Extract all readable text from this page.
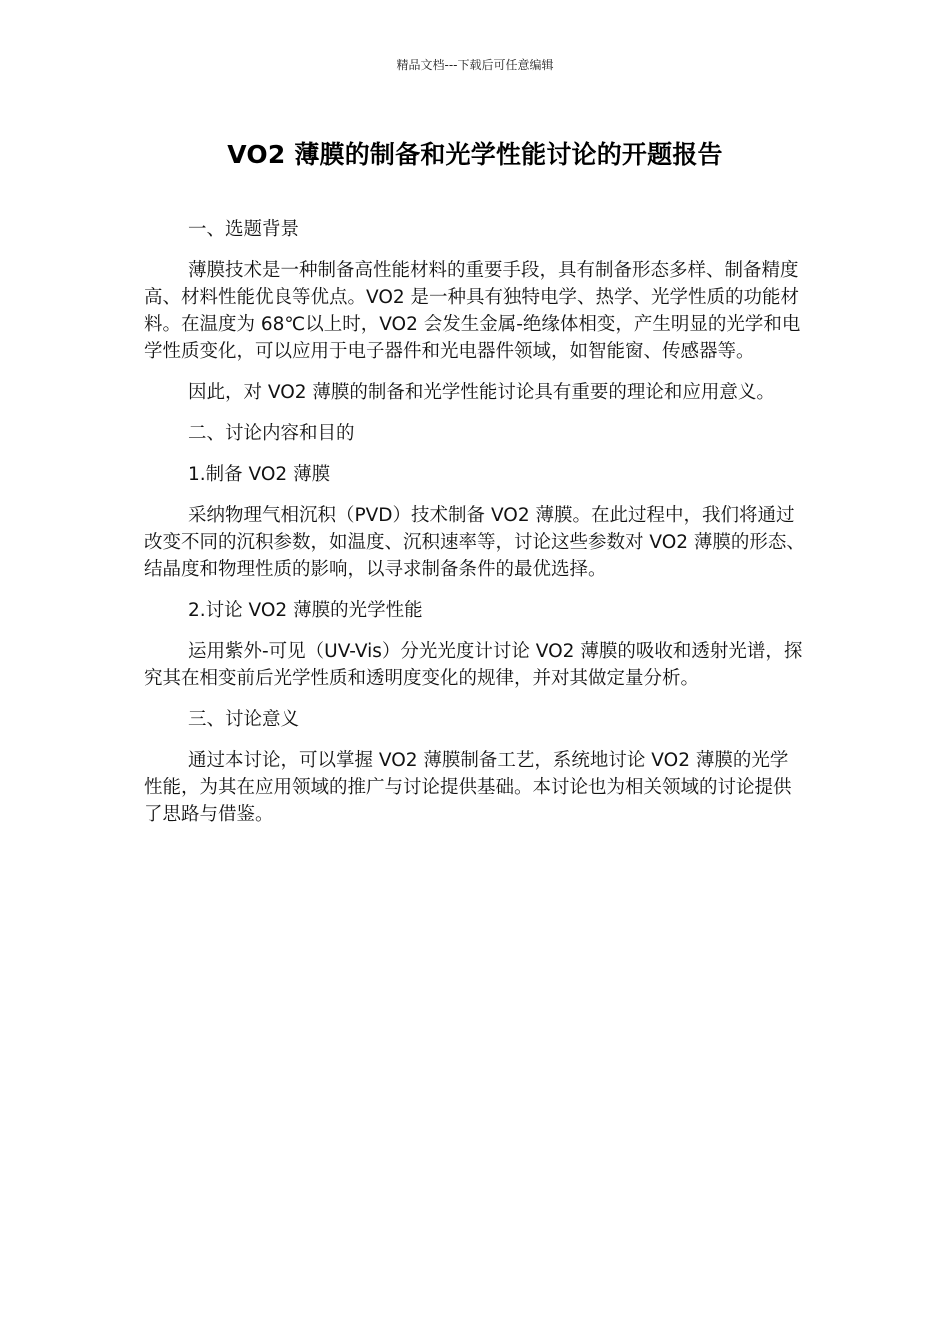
精品文档---下载后可任意编辑
VO2 薄膜的制备和光学性能讨论的开题报告

一、选题背景

薄膜技术是一种制备高性能材料的重要手段，具有制备形态多样、制备精度高、材料性能优良等优点。VO2 是一种具有独特电学、热学、光学性质的功能材料。在温度为 68℃以上时，VO2 会发生金属-绝缘体相变，产生明显的光学和电学性质变化，可以应用于电子器件和光电器件领域，如智能窗、传感器等。

因此，对 VO2 薄膜的制备和光学性能讨论具有重要的理论和应用意义。

二、讨论内容和目的

1.制备 VO2 薄膜

采纳物理气相沉积（PVD）技术制备 VO2 薄膜。在此过程中，我们将通过改变不同的沉积参数，如温度、沉积速率等，讨论这些参数对 VO2 薄膜的形态、结晶度和物理性质的影响，以寻求制备条件的最优选择。

2.讨论 VO2 薄膜的光学性能

运用紫外-可见（UV-Vis）分光光度计讨论 VO2 薄膜的吸收和透射光谱，探究其在相变前后光学性质和透明度变化的规律，并对其做定量分析。

三、讨论意义

通过本讨论，可以掌握 VO2 薄膜制备工艺，系统地讨论 VO2 薄膜的光学性能，为其在应用领域的推广与讨论提供基础。本讨论也为相关领域的讨论提供了思路与借鉴。
